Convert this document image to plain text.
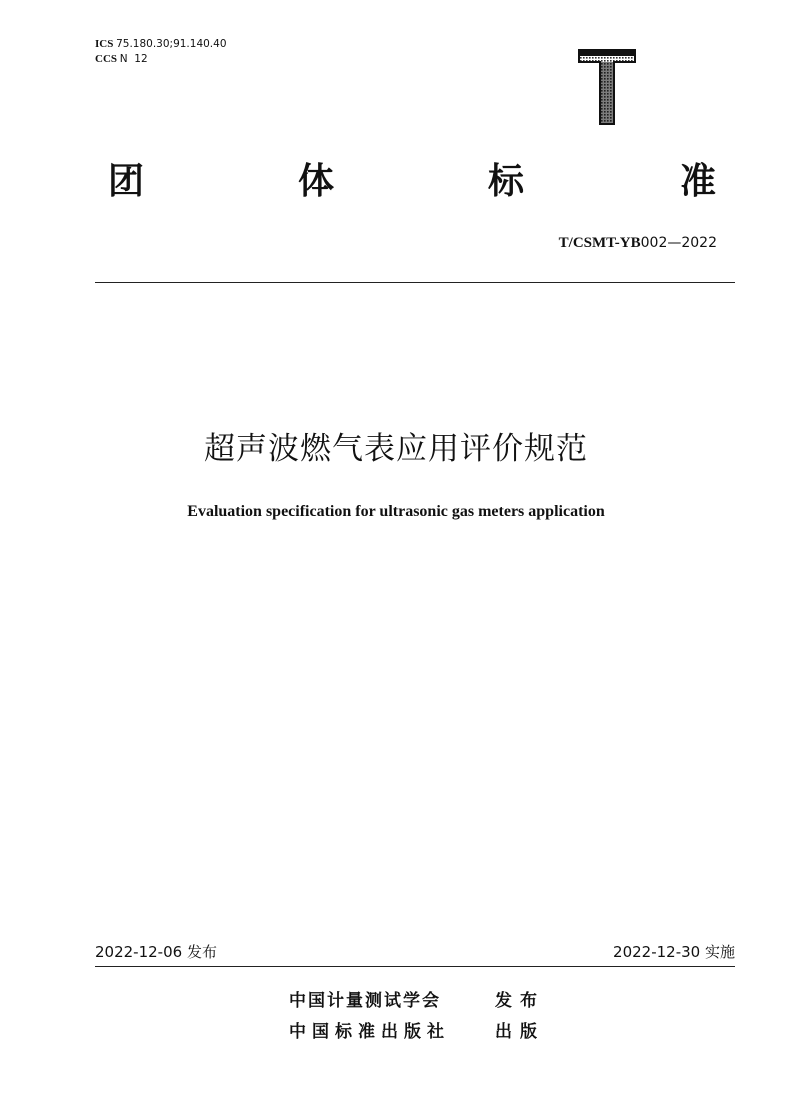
ICS 75.180.30;91.140.40
CCS N  12
团	体	标	准
T/CSMT-YB002—2022
超声波燃气表应用评价规范
Evaluation specification for ultrasonic gas meters application
2022-12-06 发布	2022-12-30 实施
中国计量测试学会	发布
中国标准出版社	出版
